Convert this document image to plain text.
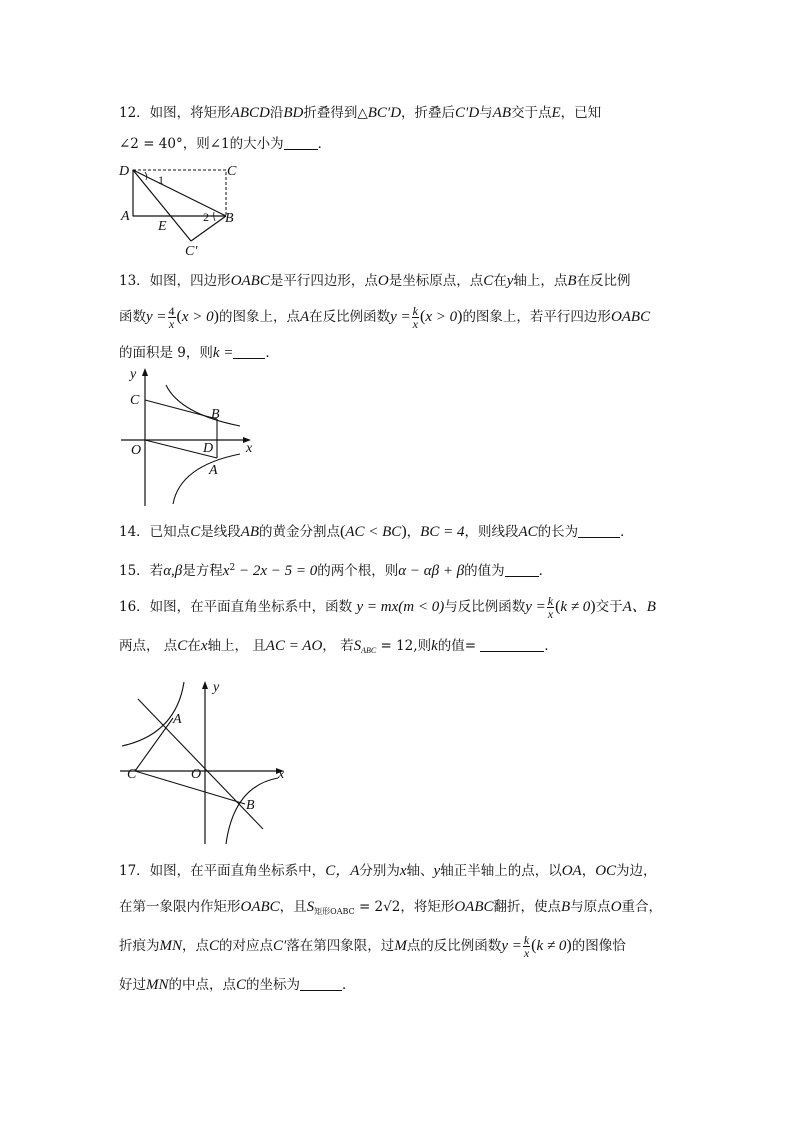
12．如图，将矩形ABCD沿BD折叠得到△BC′D，折叠后C′D与AB交于点E，已知
∠2 = 40°，则∠1的大小为	．
D	C
A	B
E
C′
1
2
13．如图，四边形OABC是平行四边形，点O是坐标原点，点C在y轴上，点B在反比例
函数$y = \frac{4}{x} (x > 0)$的图象上，点A在反比例函数$y = \frac{k}{x} (x > 0)$的图象上，若平行四边形OABC
的面积是 9，则k = ．
y
x
C
B
O	D
A
14．已知点C是线段AB的黄金分割点(AC < BC)，BC = 4，则线段AC的长为	．
15．若α,β是方程$x^2 - 2x - 5 = 0$的两个根，则α − αβ + β的值为	．
16．如图，在平面直角坐标系中，函数 y = mx(m < 0)与反比例函数$y = \frac{k}{x} (k \ne 0)$交于A、B
两点， 点C在x轴上， 且AC = AO， 若$S_{ABC} = 12$,则k的值=	．
y
x
A
C	O
B
17．如图，在平面直角坐标系中，C，A分别为x轴、y轴正半轴上的点，以OA，OC为边，
在第一象限内作矩形OABC，且$S_{矩形OABC} = 2√2$，将矩形OABC翻折，使点B与原点O重合，
折痕为MN，点C的对应点C′落在第四象限，过M点的反比例函数$y = \frac{k}{x} (k \ne 0)$的图像恰
好过MN的中点，点C的坐标为	．
